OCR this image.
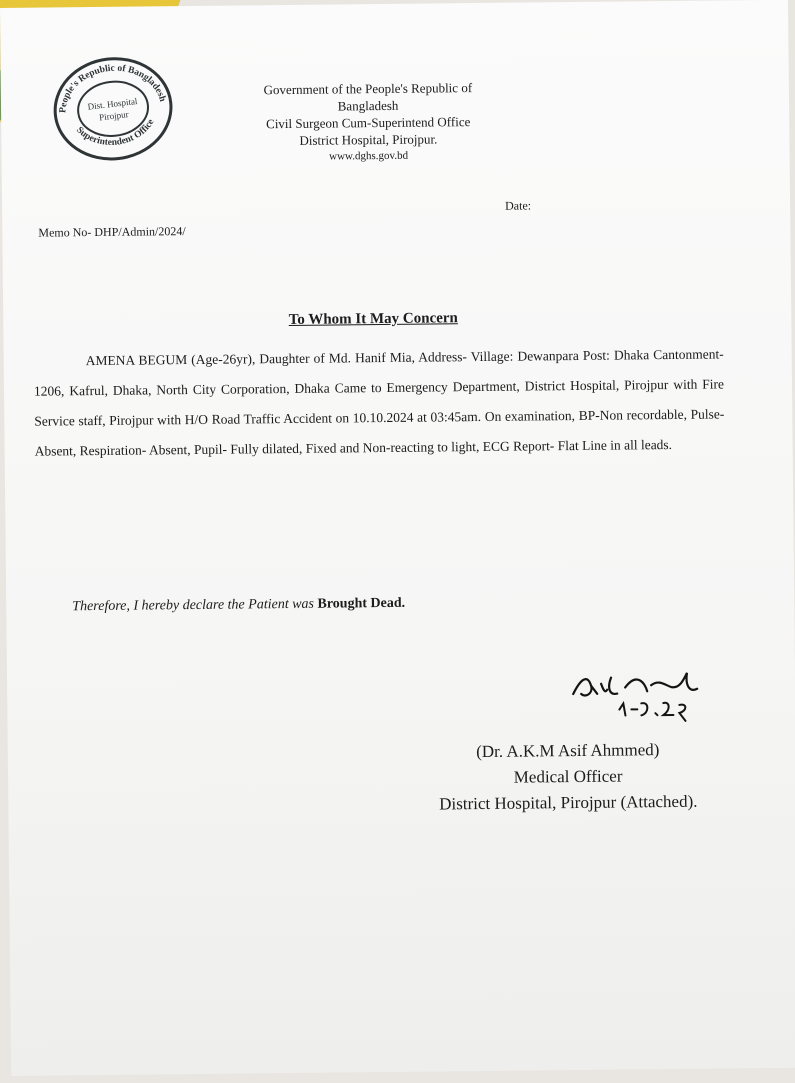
People's Republic of Bangladesh
Superintendent Office
Dist. Hospital
Pirojpur
Government of the People's Republic of
Bangladesh
Civil Surgeon Cum-Superintend Office
District Hospital, Pirojpur.
www.dghs.gov.bd
Memo No- DHP/Admin/2024/
Date:
To Whom It May Concern
AMENA BEGUM (Age-26yr), Daughter of Md. Hanif Mia, Address- Village: Dewanpara Post: Dhaka Cantonment-1206, Kafrul, Dhaka, North City Corporation, Dhaka Came to Emergency Department, District Hospital, Pirojpur with Fire Service staff, Pirojpur with H/O Road Traffic Accident on 10.10.2024 at 03:45am. On examination, BP-Non recordable, Pulse- Absent, Respiration- Absent, Pupil- Fully dilated, Fixed and Non-reacting to light, ECG Report- Flat Line in all leads.
Therefore, I hereby declare the Patient was Brought Dead.
(Dr. A.K.M Asif Ahmmed)
Medical Officer
District Hospital, Pirojpur (Attached).
